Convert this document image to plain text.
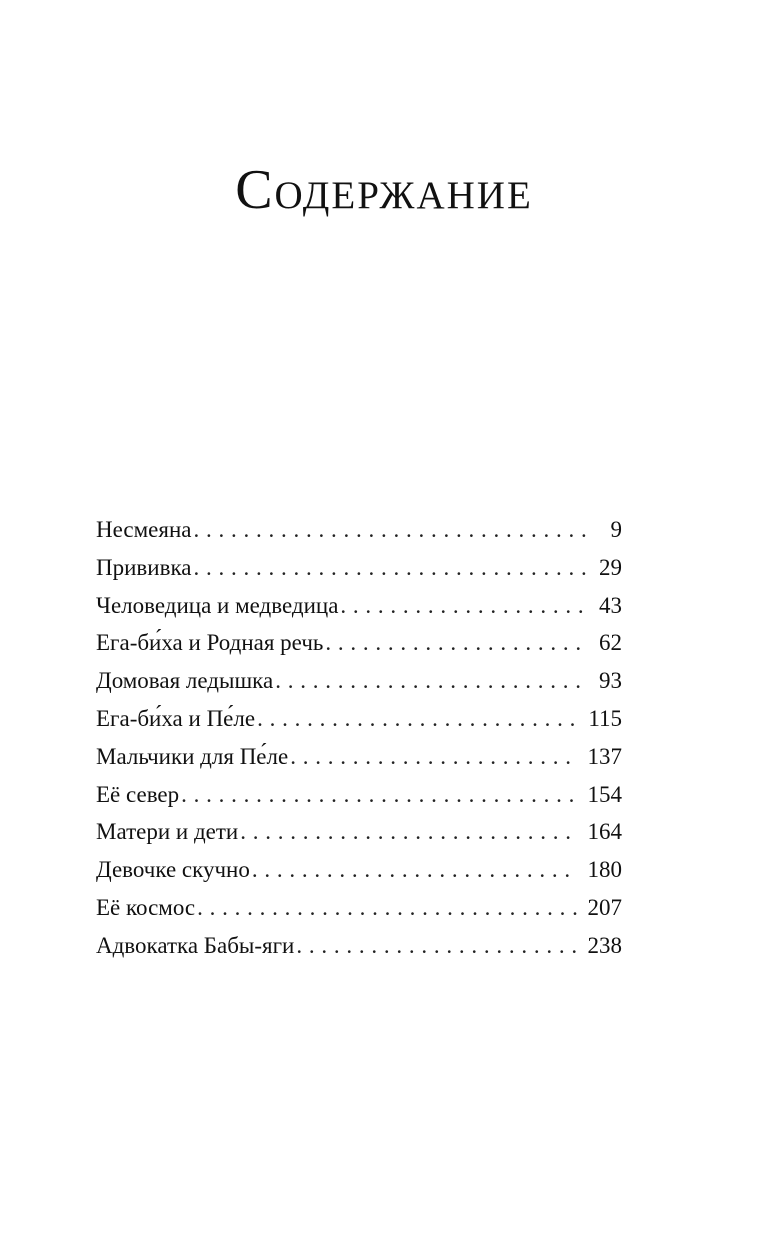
Содержание
Несмеяна . . .	9
Прививка . . .	29
Человедица и медведица . . .	43
Ега-би́ха и Родная речь . . .	62
Домовая ледышка . . .	93
Ега-би́ха и Пе́ле . . .	115
Мальчики для Пе́ле . . .	137
Её север . . .	154
Матери и дети . . .	164
Девочке скучно . . .	180
Её космос . . .	207
Адвокатка Бабы-яги . . .	238
